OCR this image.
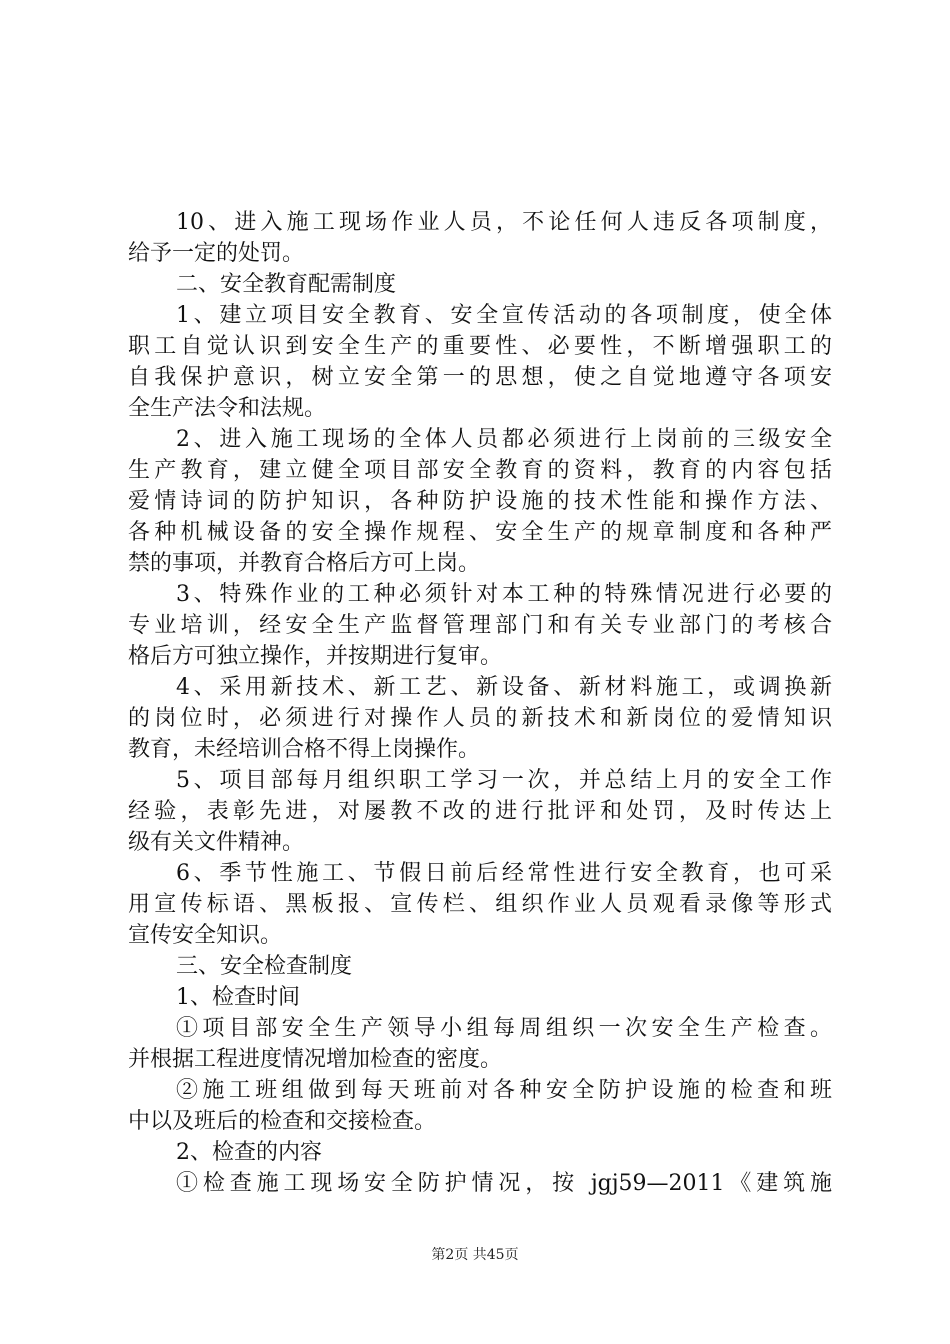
10、进入施工现场作业人员，不论任何人违反各项制度，
给予一定的处罚。
二、安全教育配需制度
1、建立项目安全教育、安全宣传活动的各项制度，使全体
职工自觉认识到安全生产的重要性、必要性，不断增强职工的
自我保护意识，树立安全第一的思想，使之自觉地遵守各项安
全生产法令和法规。
2、进入施工现场的全体人员都必须进行上岗前的三级安全
生产教育，建立健全项目部安全教育的资料，教育的内容包括
爱情诗词的防护知识，各种防护设施的技术性能和操作方法、
各种机械设备的安全操作规程、安全生产的规章制度和各种严
禁的事项，并教育合格后方可上岗。
3、特殊作业的工种必须针对本工种的特殊情况进行必要的
专业培训，经安全生产监督管理部门和有关专业部门的考核合
格后方可独立操作，并按期进行复审。
4、采用新技术、新工艺、新设备、新材料施工，或调换新
的岗位时，必须进行对操作人员的新技术和新岗位的爱情知识
教育，未经培训合格不得上岗操作。
5、项目部每月组织职工学习一次，并总结上月的安全工作
经验，表彰先进，对屡教不改的进行批评和处罚，及时传达上
级有关文件精神。
6、季节性施工、节假日前后经常性进行安全教育，也可采
用宣传标语、黑板报、宣传栏、组织作业人员观看录像等形式
宣传安全知识。
三、安全检查制度
1、检查时间
①项目部安全生产领导小组每周组织一次安全生产检查。
并根据工程进度情况增加检查的密度。
②施工班组做到每天班前对各种安全防护设施的检查和班
中以及班后的检查和交接检查。
2、检查的内容
①检查施工现场安全防护情况，按 jgj59—2011《建筑施
第2页 共45页
